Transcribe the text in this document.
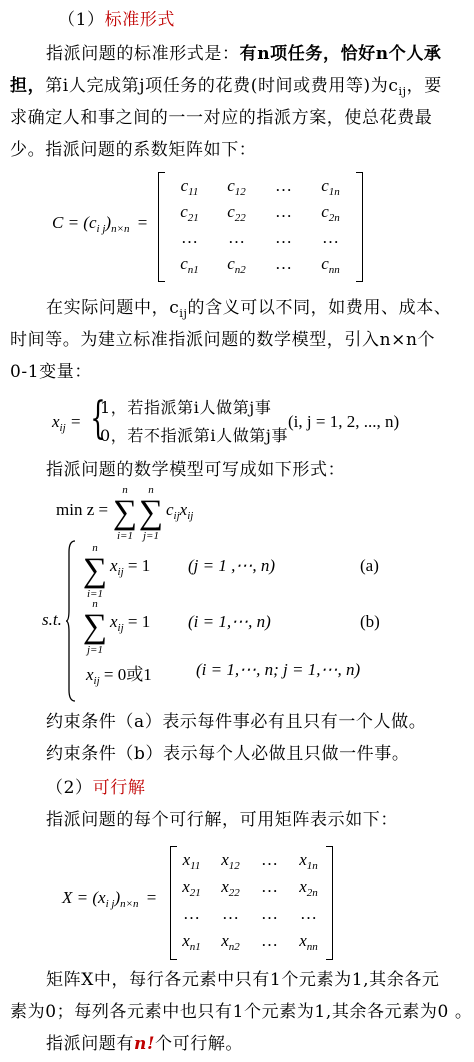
（1）标准形式
指派问题的标准形式是：有n项任务，恰好n个人承
担，第i人完成第j项任务的花费(时间或费用等)为$c_{ij}$，要
求确定人和事之间的一一对应的指派方案，使总花费最
少。指派问题的系数矩阵如下：
$C = (c_{i j})_{n\times n}$ =
$c_{11}$	$c_{12}$	…	$c_{1n}$
$c_{21}$	$c_{22}$	…	$c_{2n}$
…	…	…	…
$c_{n1}$	$c_{n2}$	…	$c_{nn}$
在实际问题中，$c_{ij}$的含义可以不同，如费用、成本、
时间等。为建立标准指派问题的数学模型，引入n×n个
0-1变量：
$x_{ij}$ = {
1，若指派第i人做第j事
0，若不指派第i人做第j事
(i, j = 1, 2, ..., n)
指派问题的数学模型可写成如下形式：
min z =
n
∑
i=1
n
∑
j=1
$c_{ij}x_{ij}$
s.t.
n
∑
i=1
$x_{ij} = 1$ (j = 1 ,⋯, n)	(a)
n
∑
j=1
$x_{ij} = 1$ (i = 1,⋯, n)	(b)
$x_{ij} = 0$或1	(i = 1,⋯, n; j = 1,⋯, n)
约束条件（a）表示每件事必有且只有一个人做。
约束条件（b）表示每个人必做且只做一件事。
（2）可行解
指派问题的每个可行解，可用矩阵表示如下：
$X = (x_{i j})_{n\times n}$ =
$x_{11}$	$x_{12}$	…	$x_{1n}$
$x_{21}$	$x_{22}$	…	$x_{2n}$
…	…	…	…
$x_{n1}$	$x_{n2}$	…	$x_{nn}$
矩阵X中，每行各元素中只有1个元素为1,其余各元
素为0；每列各元素中也只有1个元素为1,其余各元素为0 。
指派问题有n!个可行解。
